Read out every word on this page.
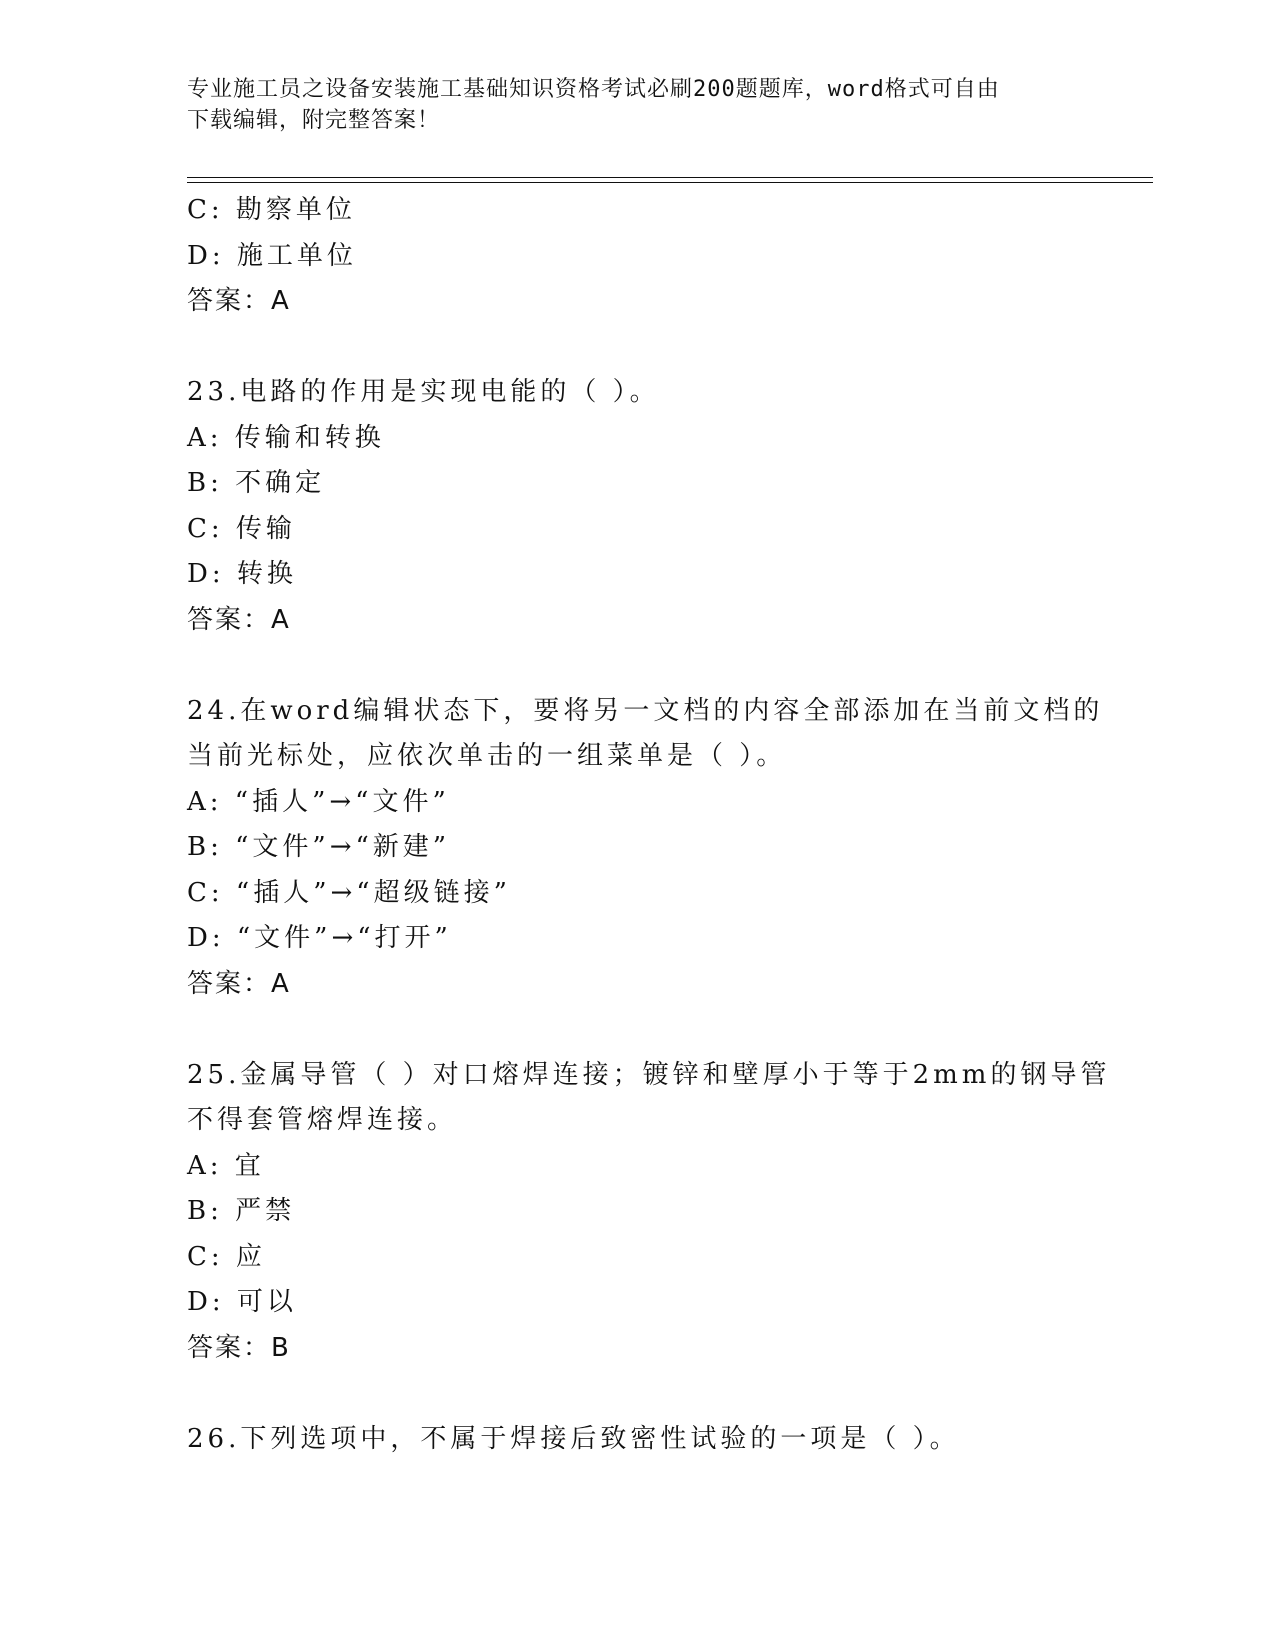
专业施工员之设备安装施工基础知识资格考试必刷200题题库，word格式可自由
下载编辑，附完整答案！
C: 勘察单位
D: 施工单位
答案：A
23.电路的作用是实现电能的（ ）。
A: 传输和转换
B: 不确定
C: 传输
D: 转换
答案：A
24.在word编辑状态下，要将另一文档的内容全部添加在当前文档的
当前光标处，应依次单击的一组菜单是（ ）。
A: “插人”→“文件”
B: “文件”→“新建”
C: “插人”→“超级链接”
D: “文件”→“打开”
答案：A
25.金属导管（ ）对口熔焊连接；镀锌和壁厚小于等于2mm的钢导管
不得套管熔焊连接。
A: 宜
B: 严禁
C: 应
D: 可以
答案：B
26.下列选项中，不属于焊接后致密性试验的一项是（ ）。
